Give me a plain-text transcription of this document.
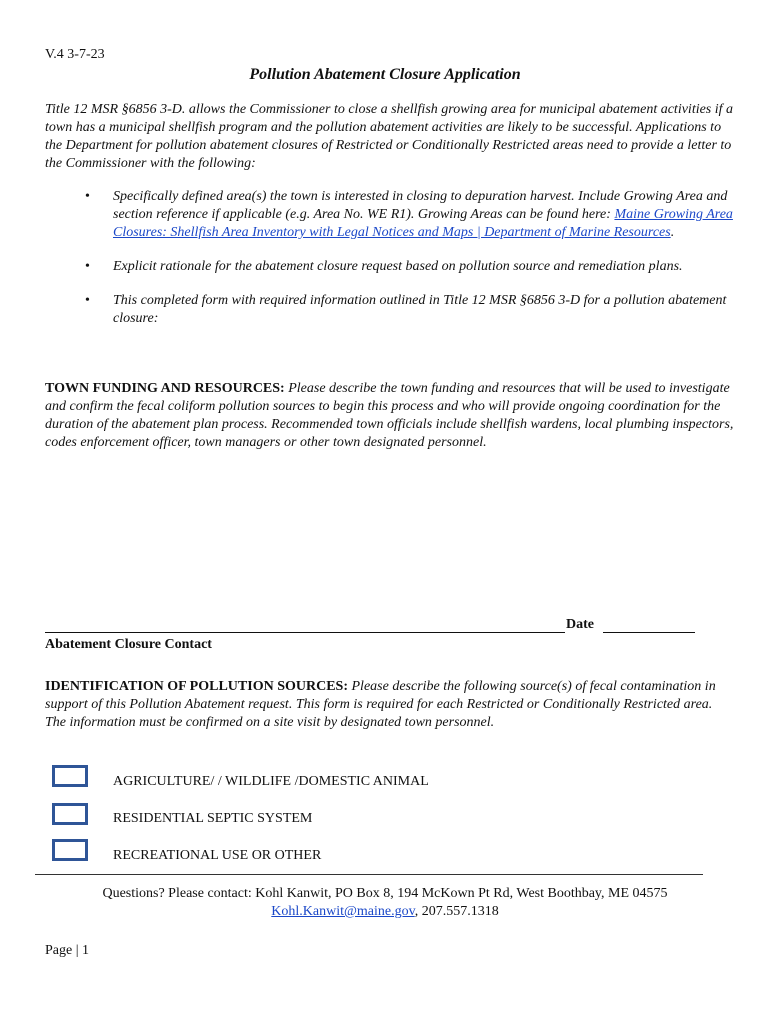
V.4 3-7-23
Pollution Abatement Closure Application
Title 12 MSR §6856 3-D. allows the Commissioner to close a shellfish growing area for municipal abatement activities if a town has a municipal shellfish program and the pollution abatement activities are likely to be successful. Applications to the Department for pollution abatement closures of Restricted or Conditionally Restricted areas need to provide a letter to the Commissioner with the following:
• Specifically defined area(s) the town is interested in closing to depuration harvest. Include Growing Area and section reference if applicable (e.g. Area No. WE R1). Growing Areas can be found here: Maine Growing Area Closures: Shellfish Area Inventory with Legal Notices and Maps | Department of Marine Resources.
• Explicit rationale for the abatement closure request based on pollution source and remediation plans.
• This completed form with required information outlined in Title 12 MSR §6856 3-D for a pollution abatement closure:
TOWN FUNDING AND RESOURCES: Please describe the town funding and resources that will be used to investigate and confirm the fecal coliform pollution sources to begin this process and who will provide ongoing coordination for the duration of the abatement plan process. Recommended town officials include shellfish wardens, local plumbing inspectors, codes enforcement officer, town managers or other town designated personnel.
Date
Abatement Closure Contact
IDENTIFICATION OF POLLUTION SOURCES: Please describe the following source(s) of fecal contamination in support of this Pollution Abatement request. This form is required for each Restricted or Conditionally Restricted area. The information must be confirmed on a site visit by designated town personnel.
AGRICULTURE/ / WILDLIFE /DOMESTIC ANIMAL
RESIDENTIAL SEPTIC SYSTEM
RECREATIONAL USE OR OTHER
Questions? Please contact: Kohl Kanwit, PO Box 8, 194 McKown Pt Rd, West Boothbay, ME 04575
Kohl.Kanwit@maine.gov, 207.557.1318
Page | 1
